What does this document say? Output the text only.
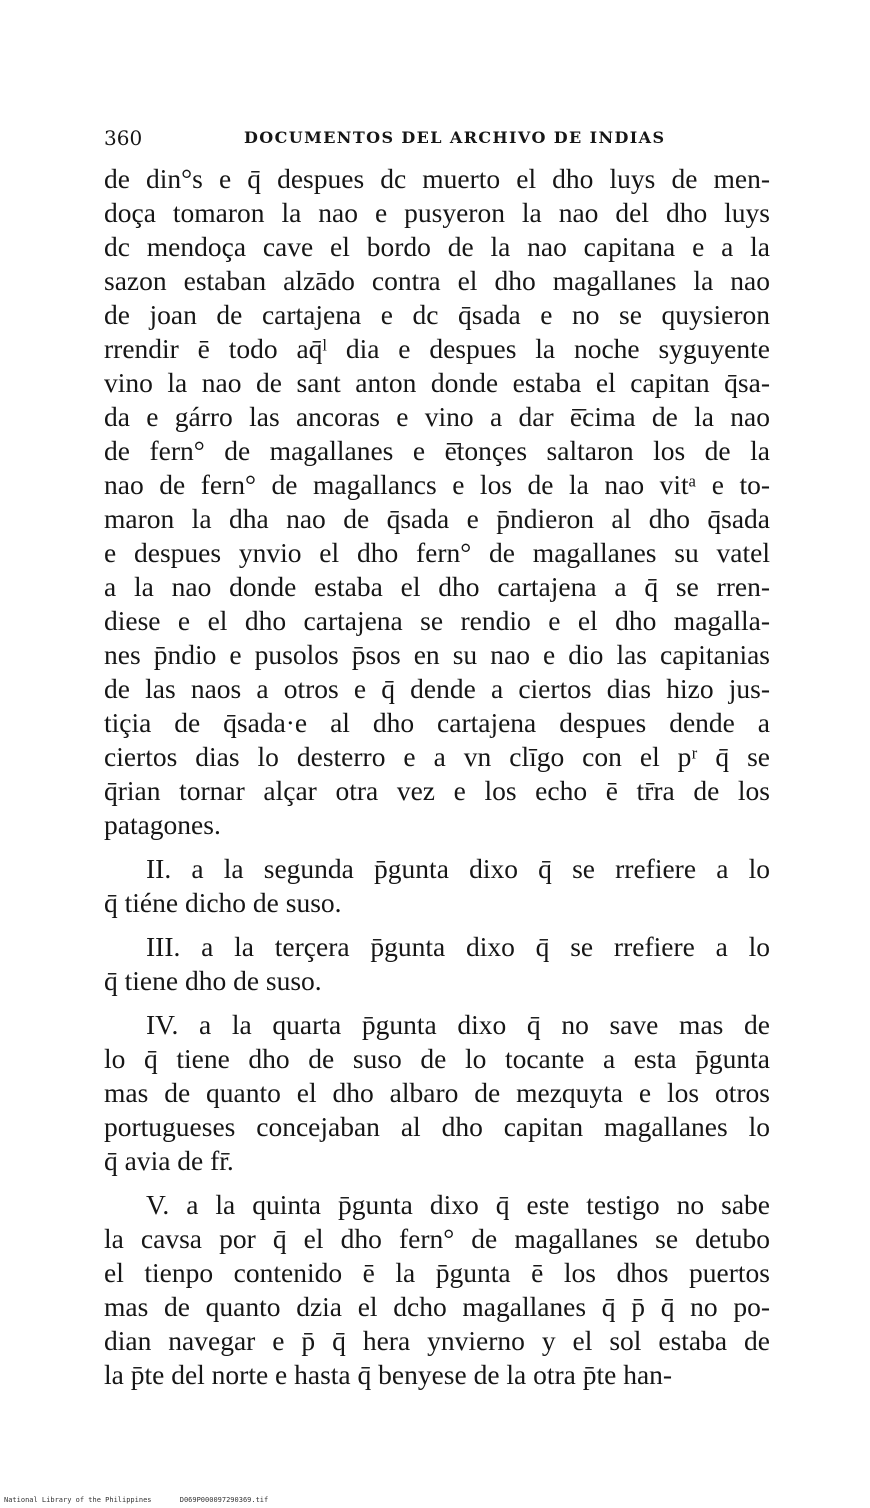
360	DOCUMENTOS DEL ARCHIVO DE INDIAS
de din°s e q̄ despues dc muerto el dho luys de men-
doça tomaron la nao e pusyeron la nao del dho luys
dc mendoça cave el bordo de la nao capitana e a la
sazon estaban alzādo contra el dho magallanes la nao
de joan de cartajena e dc q̄sada e no se quysieron
rrendir ē todo aq̄ˡ dia e despues la noche syguyente
vino la nao de sant anton donde estaba el capitan q̄sa-
da e gárro las ancoras e vino a dar ē̄cima de la nao
de fern° de magallanes e ē̄tonçes saltaron los de la
nao de fern° de magallancs e los de la nao vitᵃ e to-
maron la dha nao de q̄sada e p̄ndieron al dho q̄sada
e despues ynvio el dho fern° de magallanes su vatel
a la nao donde estaba el dho cartajena a q̄ se rren-
diese e el dho cartajena se rendio e el dho magalla-
nes p̄ndio e pusolos p̄sos en su nao e dio las capitanias
de las naos a otros e q̄ dende a ciertos dias hizo jus-
tiçia de q̄sada·e al dho cartajena despues dende a
ciertos dias lo desterro e a vn clīgo con el pʳ q̄ se
q̄rian tornar alçar otra vez e los echo ē tr̄ra de los
patagones.
II. a la segunda p̄gunta dixo q̄ se rrefiere a lo
q̄ tiéne dicho de suso.
III. a la terçera p̄gunta dixo q̄ se rrefiere a lo
q̄ tiene dho de suso.
IV. a la quarta p̄gunta dixo q̄ no save mas de
lo q̄ tiene dho de suso de lo tocante a esta p̄gunta
mas de quanto el dho albaro de mezquyta e los otros
portugueses concejaban al dho capitan magallanes lo
q̄ avia de fr̄.
V. a la quinta p̄gunta dixo q̄ este testigo no sabe
la cavsa por q̄ el dho fern° de magallanes se detubo
el tienpo contenido ē la p̄gunta ē los dhos puertos
mas de quanto dzia el dcho magallanes q̄ p̄ q̄ no po-
dian navegar e p̄ q̄ hera ynvierno y el sol estaba de
la p̄te del norte e hasta q̄ benyese de la otra p̄te han-
National Library of the Philippines	D069P000097290369.tif
